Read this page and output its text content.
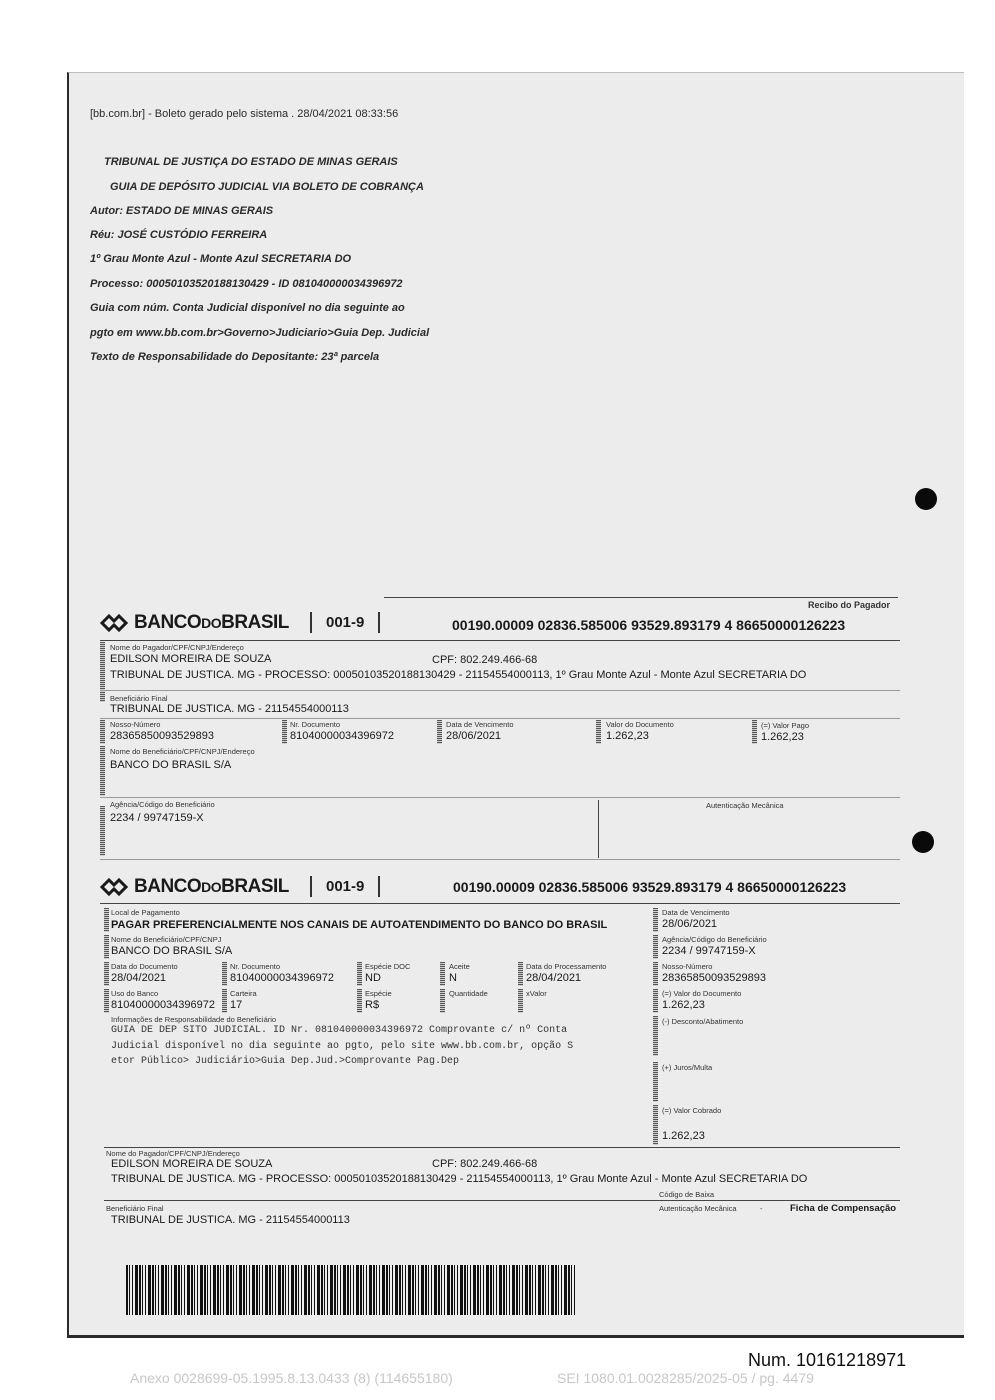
[bb.com.br] - Boleto gerado pelo sistema . 28/04/2021 08:33:56
TRIBUNAL DE JUSTIÇA DO ESTADO DE MINAS GERAIS
GUIA DE DEPÓSITO JUDICIAL VIA BOLETO DE COBRANÇA
Autor: ESTADO DE MINAS GERAIS
Réu: JOSÉ CUSTÓDIO FERREIRA
1º Grau Monte Azul - Monte Azul SECRETARIA DO
Processo: 00050103520188130429 - ID 081040000034396972
Guia com núm. Conta Judicial disponível no dia seguinte ao
pgto em www.bb.com.br>Governo>Judiciario>Guia Dep. Judicial
Texto de Responsabilidade do Depositante: 23ª parcela
Recibo do Pagador
BANCODOBRASIL	001-9	00190.00009 02836.585006 93529.893179 4 86650000126223
Nome do Pagador/CPF/CNPJ/Endereço
EDILSON MOREIRA DE SOUZA	CPF: 802.249.466-68
TRIBUNAL DE JUSTICA. MG - PROCESSO: 00050103520188130429 - 21154554000113, 1º Grau Monte Azul - Monte Azul SECRETARIA DO
Beneficiário Final
TRIBUNAL DE JUSTICA. MG - 21154554000113
Nosso-Número
28365850093529893
Nr. Documento
81040000034396972
Data de Vencimento
28/06/2021
Valor do Documento
1.262,23
(=) Valor Pago
1.262,23
Nome do Beneficiário/CPF/CNPJ/Endereço
BANCO DO BRASIL S/A
Agência/Código do Beneficiário
2234 / 99747159-X
Autenticação Mecânica
BANCODOBRASIL	001-9	00190.00009 02836.585006 93529.893179 4 86650000126223
Local de Pagamento
PAGAR PREFERENCIALMENTE NOS CANAIS DE AUTOATENDIMENTO DO BANCO DO BRASIL
Data de Vencimento
28/06/2021
Nome do Beneficiário/CPF/CNPJ
BANCO DO BRASIL S/A
Agência/Código do Beneficiário
2234 / 99747159-X
Data do Documento
28/04/2021
Nr. Documento
81040000034396972
Espécie DOC
ND
Aceite
N
Data do Processamento
28/04/2021
Nosso-Número
28365850093529893
Uso do Banco
81040000034396972
Carteira
17
Espécie
R$
Quantidade	xValor	(=) Valor do Documento
1.262,23
Informações de Responsabilidade do Beneficiário
GUIA DE DEP SITO JUDICIAL. ID Nr. 081040000034396972 Comprovante c/ nº Conta
Judicial disponível no dia seguinte ao pgto, pelo site www.bb.com.br, opção S
etor Público> Judiciário>Guia Dep.Jud.>Comprovante Pag.Dep
(-) Desconto/Abatimento
(+) Juros/Multa
(=) Valor Cobrado
1.262,23
Nome do Pagador/CPF/CNPJ/Endereço
EDILSON MOREIRA DE SOUZA	CPF: 802.249.466-68
TRIBUNAL DE JUSTICA. MG - PROCESSO: 00050103520188130429 - 21154554000113, 1º Grau Monte Azul - Monte Azul SECRETARIA DO
Código de Baixa
Beneficiário Final
TRIBUNAL DE JUSTICA. MG - 21154554000113
Autenticação Mecânica	-	Ficha de Compensação
Num. 10161218971
Anexo 0028699-05.1995.8.13.0433 (8) (114655180)	SEI 1080.01.0028285/2025-05 / pg. 4479
